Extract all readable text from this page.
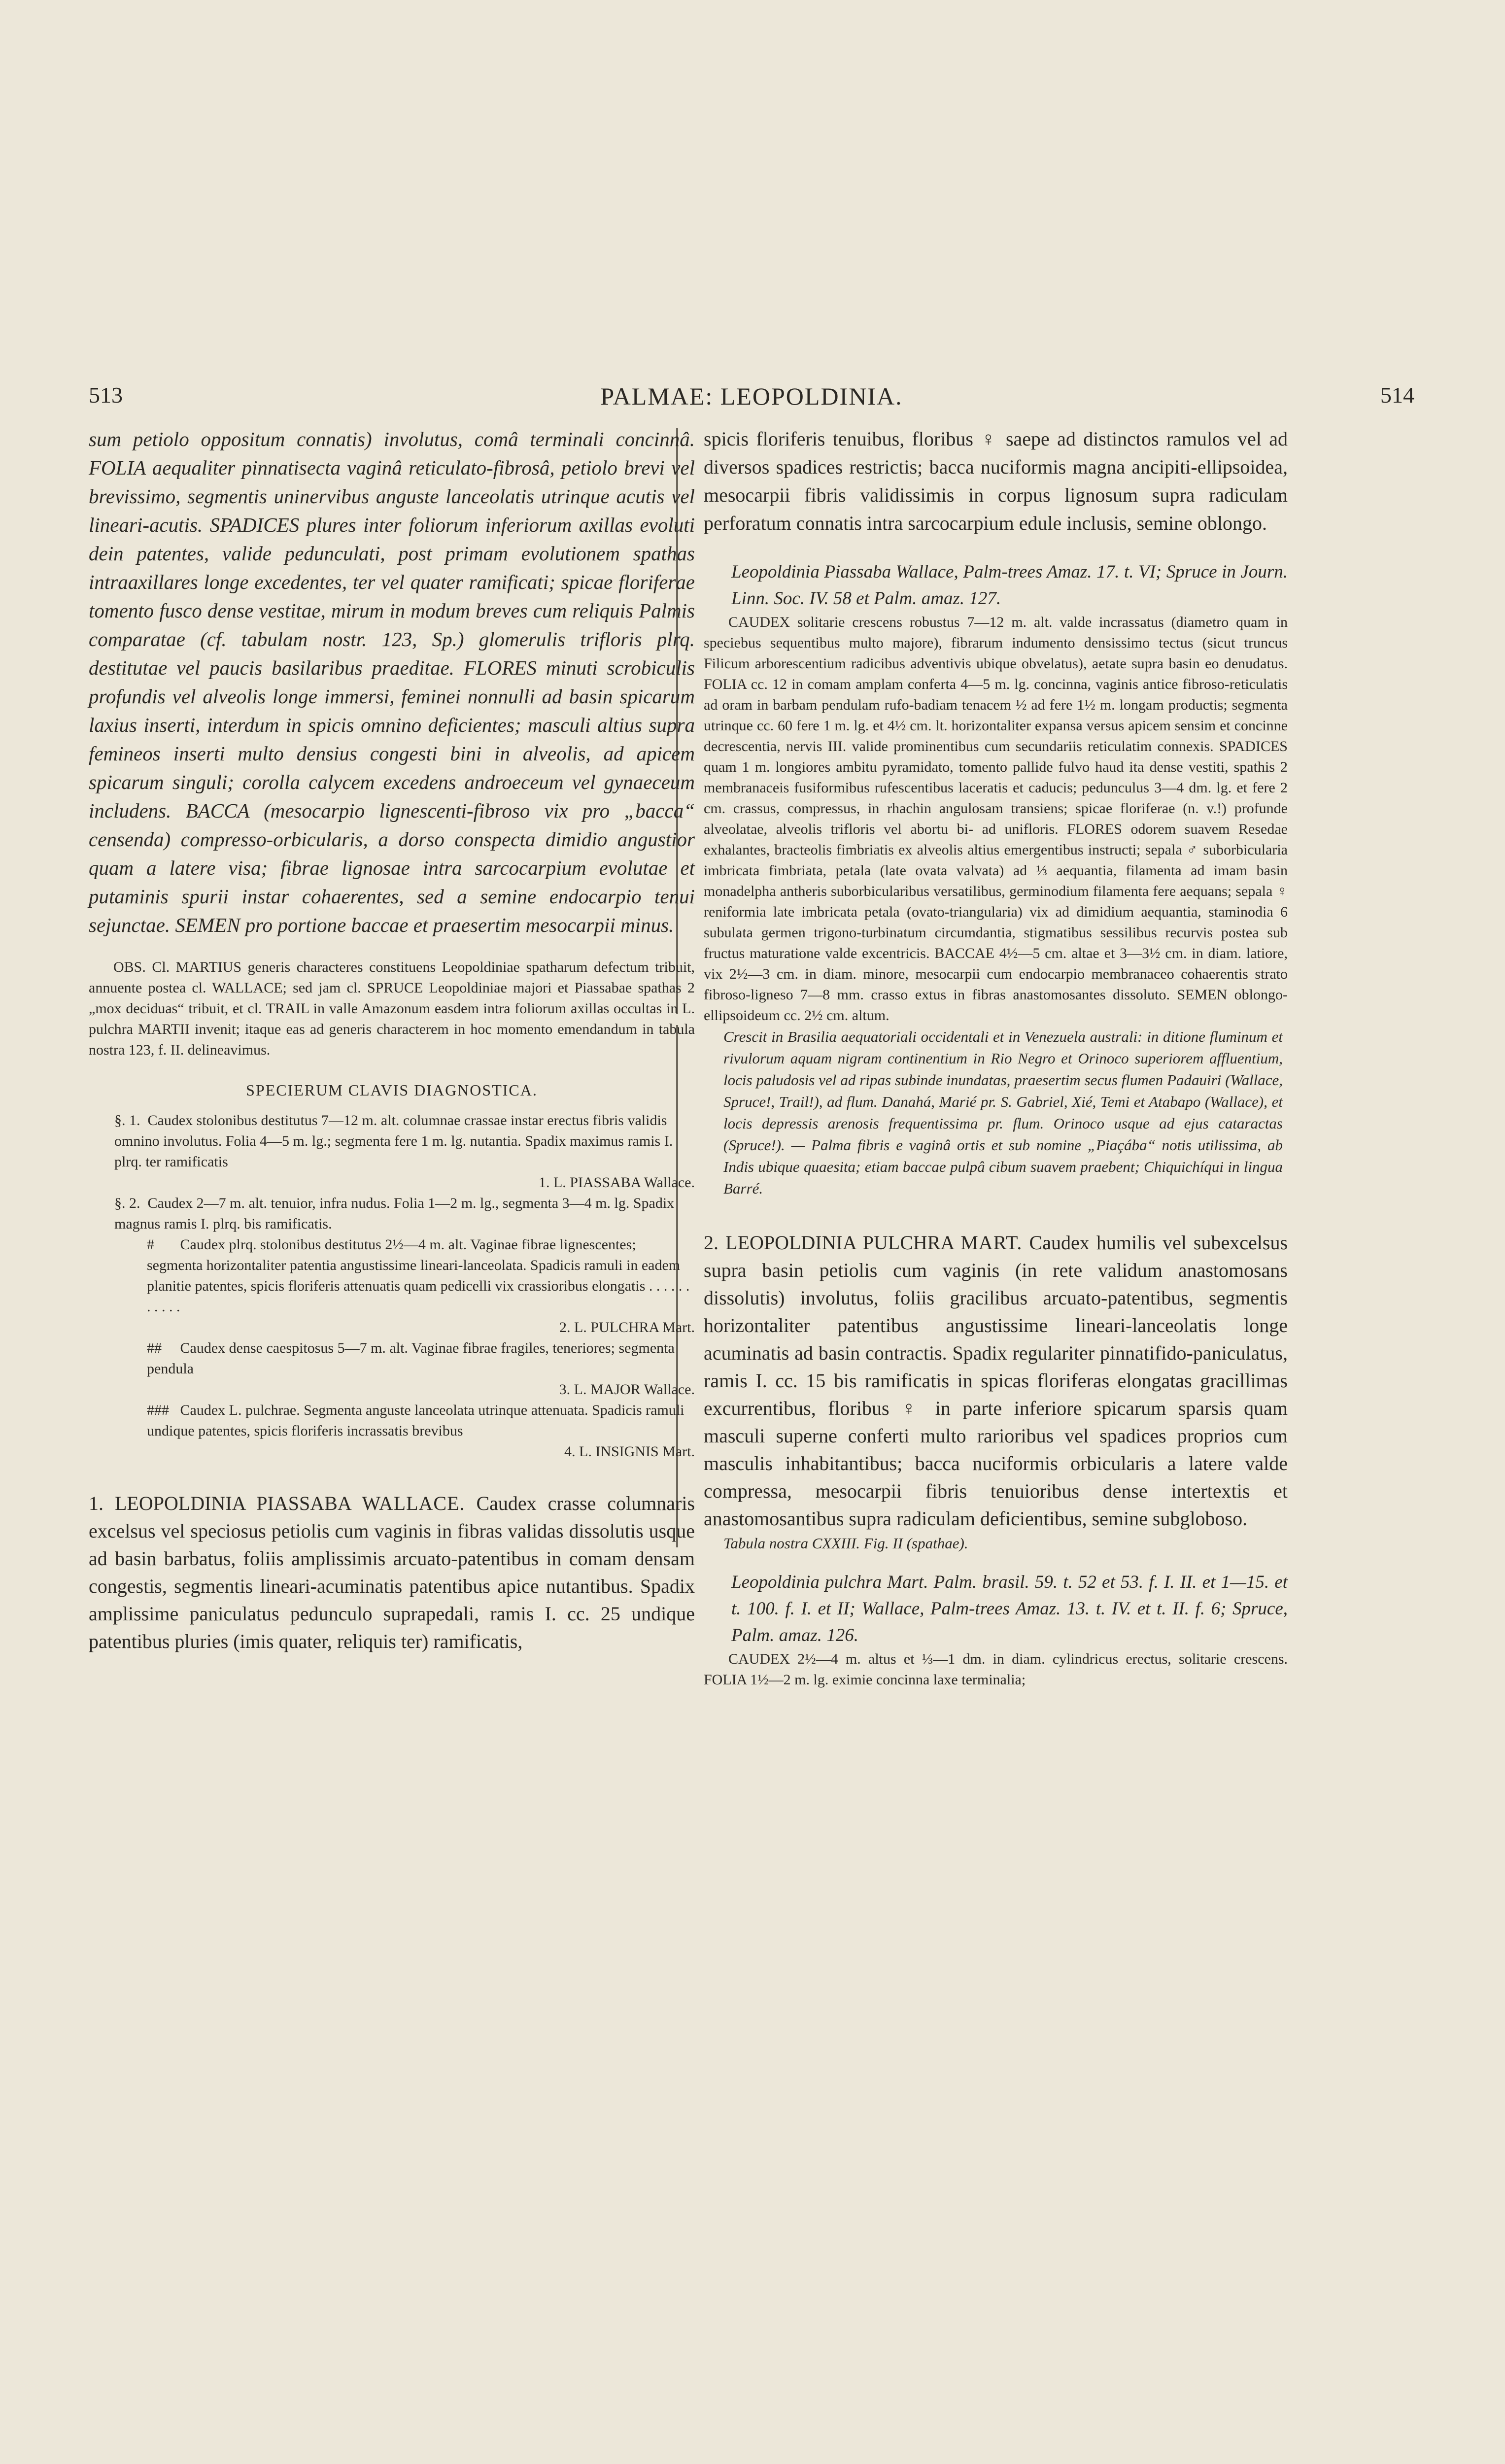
513	PALMAE: LEOPOLDINIA.	514

sum petiolo oppositum connatis) involutus, comâ terminali concinnâ. FOLIA aequaliter pinnatisecta vaginâ reticulato-fibrosâ, petiolo brevi vel brevissimo, segmentis uninervibus anguste lanceolatis utrinque acutis vel lineari-acutis. SPADICES plures inter foliorum inferiorum axillas evoluti dein patentes, valide pedunculati, post primam evolutionem spathas intraaxillares longe excedentes, ter vel quater ramificati; spicae floriferae tomento fusco dense vestitae, mirum in modum breves cum reliquis Palmis comparatae (cf. tabulam nostr. 123, Sp.) glomerulis trifloris plrq. destitutae vel paucis basilaribus praeditae. FLORES minuti scrobiculis profundis vel alveolis longe immersi, feminei nonnulli ad basin spicarum laxius inserti, interdum in spicis omnino deficientes; masculi altius supra femineos inserti multo densius congesti bini in alveolis, ad apicem spicarum singuli; corolla calycem excedens androeceum vel gynaeceum includens. BACCA (mesocarpio lignescenti-fibroso vix pro „bacca“ censenda) compresso-orbicularis, a dorso conspecta dimidio angustior quam a latere visa; fibrae lignosae intra sarcocarpium evolutae et putaminis spurii instar cohaerentes, sed a semine endocarpio tenui sejunctae. SEMEN pro portione baccae et praesertim mesocarpii minus.

OBS. Cl. MARTIUS generis characteres constituens Leopoldiniae spatharum defectum tribuit, annuente postea cl. WALLACE; sed jam cl. SPRUCE Leopoldiniae majori et Piassabae spathas 2 „mox deciduas“ tribuit, et cl. TRAIL in valle Amazonum easdem intra foliorum axillas occultas in L. pulchra MARTII invenit; itaque eas ad generis characterem in hoc momento emendandum in tabula nostra 123, f. II. delineavimus.

SPECIERUM CLAVIS DIAGNOSTICA.

§. 1. Caudex stolonibus destitutus 7—12 m. alt. columnae crassae instar erectus fibris validis omnino involutus. Folia 4—5 m. lg.; segmenta fere 1 m. lg. nutantia. Spadix maximus ramis I. plrq. ter ramificatis

1. L. PIASSABA Wallace.

§. 2. Caudex 2—7 m. alt. tenuior, infra nudus. Folia 1—2 m. lg., segmenta 3—4 m. lg. Spadix magnus ramis I. plrq. bis ramificatis.

# Caudex plrq. stolonibus destitutus 2½—4 m. alt. Vaginae fibrae lignescentes; segmenta horizontaliter patentia angustissime lineari-lanceolata. Spadicis ramuli in eadem planitie patentes, spicis floriferis attenuatis quam pedicelli vix crassioribus elongatis . . . . . . . . . . .

2. L. PULCHRA Mart.

## Caudex dense caespitosus 5—7 m. alt. Vaginae fibrae fragiles, teneriores; segmenta pendula

3. L. MAJOR Wallace.

### Caudex L. pulchrae. Segmenta anguste lanceolata utrinque attenuata. Spadicis ramuli undique patentes, spicis floriferis incrassatis brevibus

4. L. INSIGNIS Mart.

1. LEOPOLDINIA PIASSABA WALLACE. Caudex crasse columnaris excelsus vel speciosus petiolis cum vaginis in fibras validas dissolutis usque ad basin barbatus, foliis amplissimis arcuato-patentibus in comam densam congestis, segmentis lineari-acuminatis patentibus apice nutantibus. Spadix amplissime paniculatus pedunculo suprapedali, ramis I. cc. 25 undique patentibus pluries (imis quater, reliquis ter) ramificatis,

spicis floriferis tenuibus, floribus ♀ saepe ad distinctos ramulos vel ad diversos spadices restrictis; bacca nuciformis magna ancipiti-ellipsoidea, mesocarpii fibris validissimis in corpus lignosum supra radiculam perforatum connatis intra sarcocarpium edule inclusis, semine oblongo.

Leopoldinia Piassaba Wallace, Palm-trees Amaz. 17. t. VI; Spruce in Journ. Linn. Soc. IV. 58 et Palm. amaz. 127.

CAUDEX solitarie crescens robustus 7—12 m. alt. valde incrassatus (diametro quam in speciebus sequentibus multo majore), fibrarum indumento densissimo tectus (sicut truncus Filicum arborescentium radicibus adventivis ubique obvelatus), aetate supra basin eo denudatus. FOLIA cc. 12 in comam amplam conferta 4—5 m. lg. concinna, vaginis antice fibroso-reticulatis ad oram in barbam pendulam rufo-badiam tenacem ½ ad fere 1½ m. longam productis; segmenta utrinque cc. 60 fere 1 m. lg. et 4½ cm. lt. horizontaliter expansa versus apicem sensim et concinne decrescentia, nervis III. valide prominentibus cum secundariis reticulatim connexis. SPADICES quam 1 m. longiores ambitu pyramidato, tomento pallide fulvo haud ita dense vestiti, spathis 2 membranaceis fusiformibus rufescentibus laceratis et caducis; pedunculus 3—4 dm. lg. et fere 2 cm. crassus, compressus, in rhachin angulosam transiens; spicae floriferae (n. v.!) profunde alveolatae, alveolis trifloris vel abortu bi- ad unifloris. FLORES odorem suavem Resedae exhalantes, bracteolis fimbriatis ex alveolis altius emergentibus instructi; sepala ♂ suborbicularia imbricata fimbriata, petala (late ovata valvata) ad ⅓ aequantia, filamenta ad imam basin monadelpha antheris suborbicularibus versatilibus, germinodium filamenta fere aequans; sepala ♀ reniformia late imbricata petala (ovato-triangularia) vix ad dimidium aequantia, staminodia 6 subulata germen trigono-turbinatum circumdantia, stigmatibus sessilibus recurvis postea sub fructus maturatione valde excentricis. BACCAE 4½—5 cm. altae et 3—3½ cm. in diam. latiore, vix 2½—3 cm. in diam. minore, mesocarpii cum endocarpio membranaceo cohaerentis strato fibroso-ligneso 7—8 mm. crasso extus in fibras anastomosantes dissoluto. SEMEN oblongo-ellipsoideum cc. 2½ cm. altum.

Crescit in Brasilia aequatoriali occidentali et in Venezuela australi: in ditione fluminum et rivulorum aquam nigram continentium in Rio Negro et Orinoco superiorem affluentium, locis paludosis vel ad ripas subinde inundatas, praesertim secus flumen Padauiri (Wallace, Spruce!, Trail!), ad flum. Danahá, Marié pr. S. Gabriel, Xié, Temi et Atabapo (Wallace), et locis depressis arenosis frequentissima pr. flum. Orinoco usque ad ejus cataractas (Spruce!). — Palma fibris e vaginâ ortis et sub nomine „Piaçába“ notis utilissima, ab Indis ubique quaesita; etiam baccae pulpâ cibum suavem praebent; Chiquichíqui in lingua Barré.

2. LEOPOLDINIA PULCHRA MART. Caudex humilis vel subexcelsus supra basin petiolis cum vaginis (in rete validum anastomosans dissolutis) involutus, foliis gracilibus arcuato-patentibus, segmentis horizontaliter patentibus angustissime lineari-lanceolatis longe acuminatis ad basin contractis. Spadix regulariter pinnatifido-paniculatus, ramis I. cc. 15 bis ramificatis in spicas floriferas elongatas gracillimas excurrentibus, floribus ♀ in parte inferiore spicarum sparsis quam masculi superne conferti multo rarioribus vel spadices proprios cum masculis inhabitantibus; bacca nuciformis orbicularis a latere valde compressa, mesocarpii fibris tenuioribus dense intertextis et anastomosantibus supra radiculam deficientibus, semine subgloboso.

Tabula nostra CXXIII. Fig. II (spathae).

Leopoldinia pulchra Mart. Palm. brasil. 59. t. 52 et 53. f. I. II. et 1—15. et t. 100. f. I. et II; Wallace, Palm-trees Amaz. 13. t. IV. et t. II. f. 6; Spruce, Palm. amaz. 126.

CAUDEX 2½—4 m. altus et ⅓—1 dm. in diam. cylindricus erectus, solitarie crescens. FOLIA 1½—2 m. lg. eximie concinna laxe terminalia;
